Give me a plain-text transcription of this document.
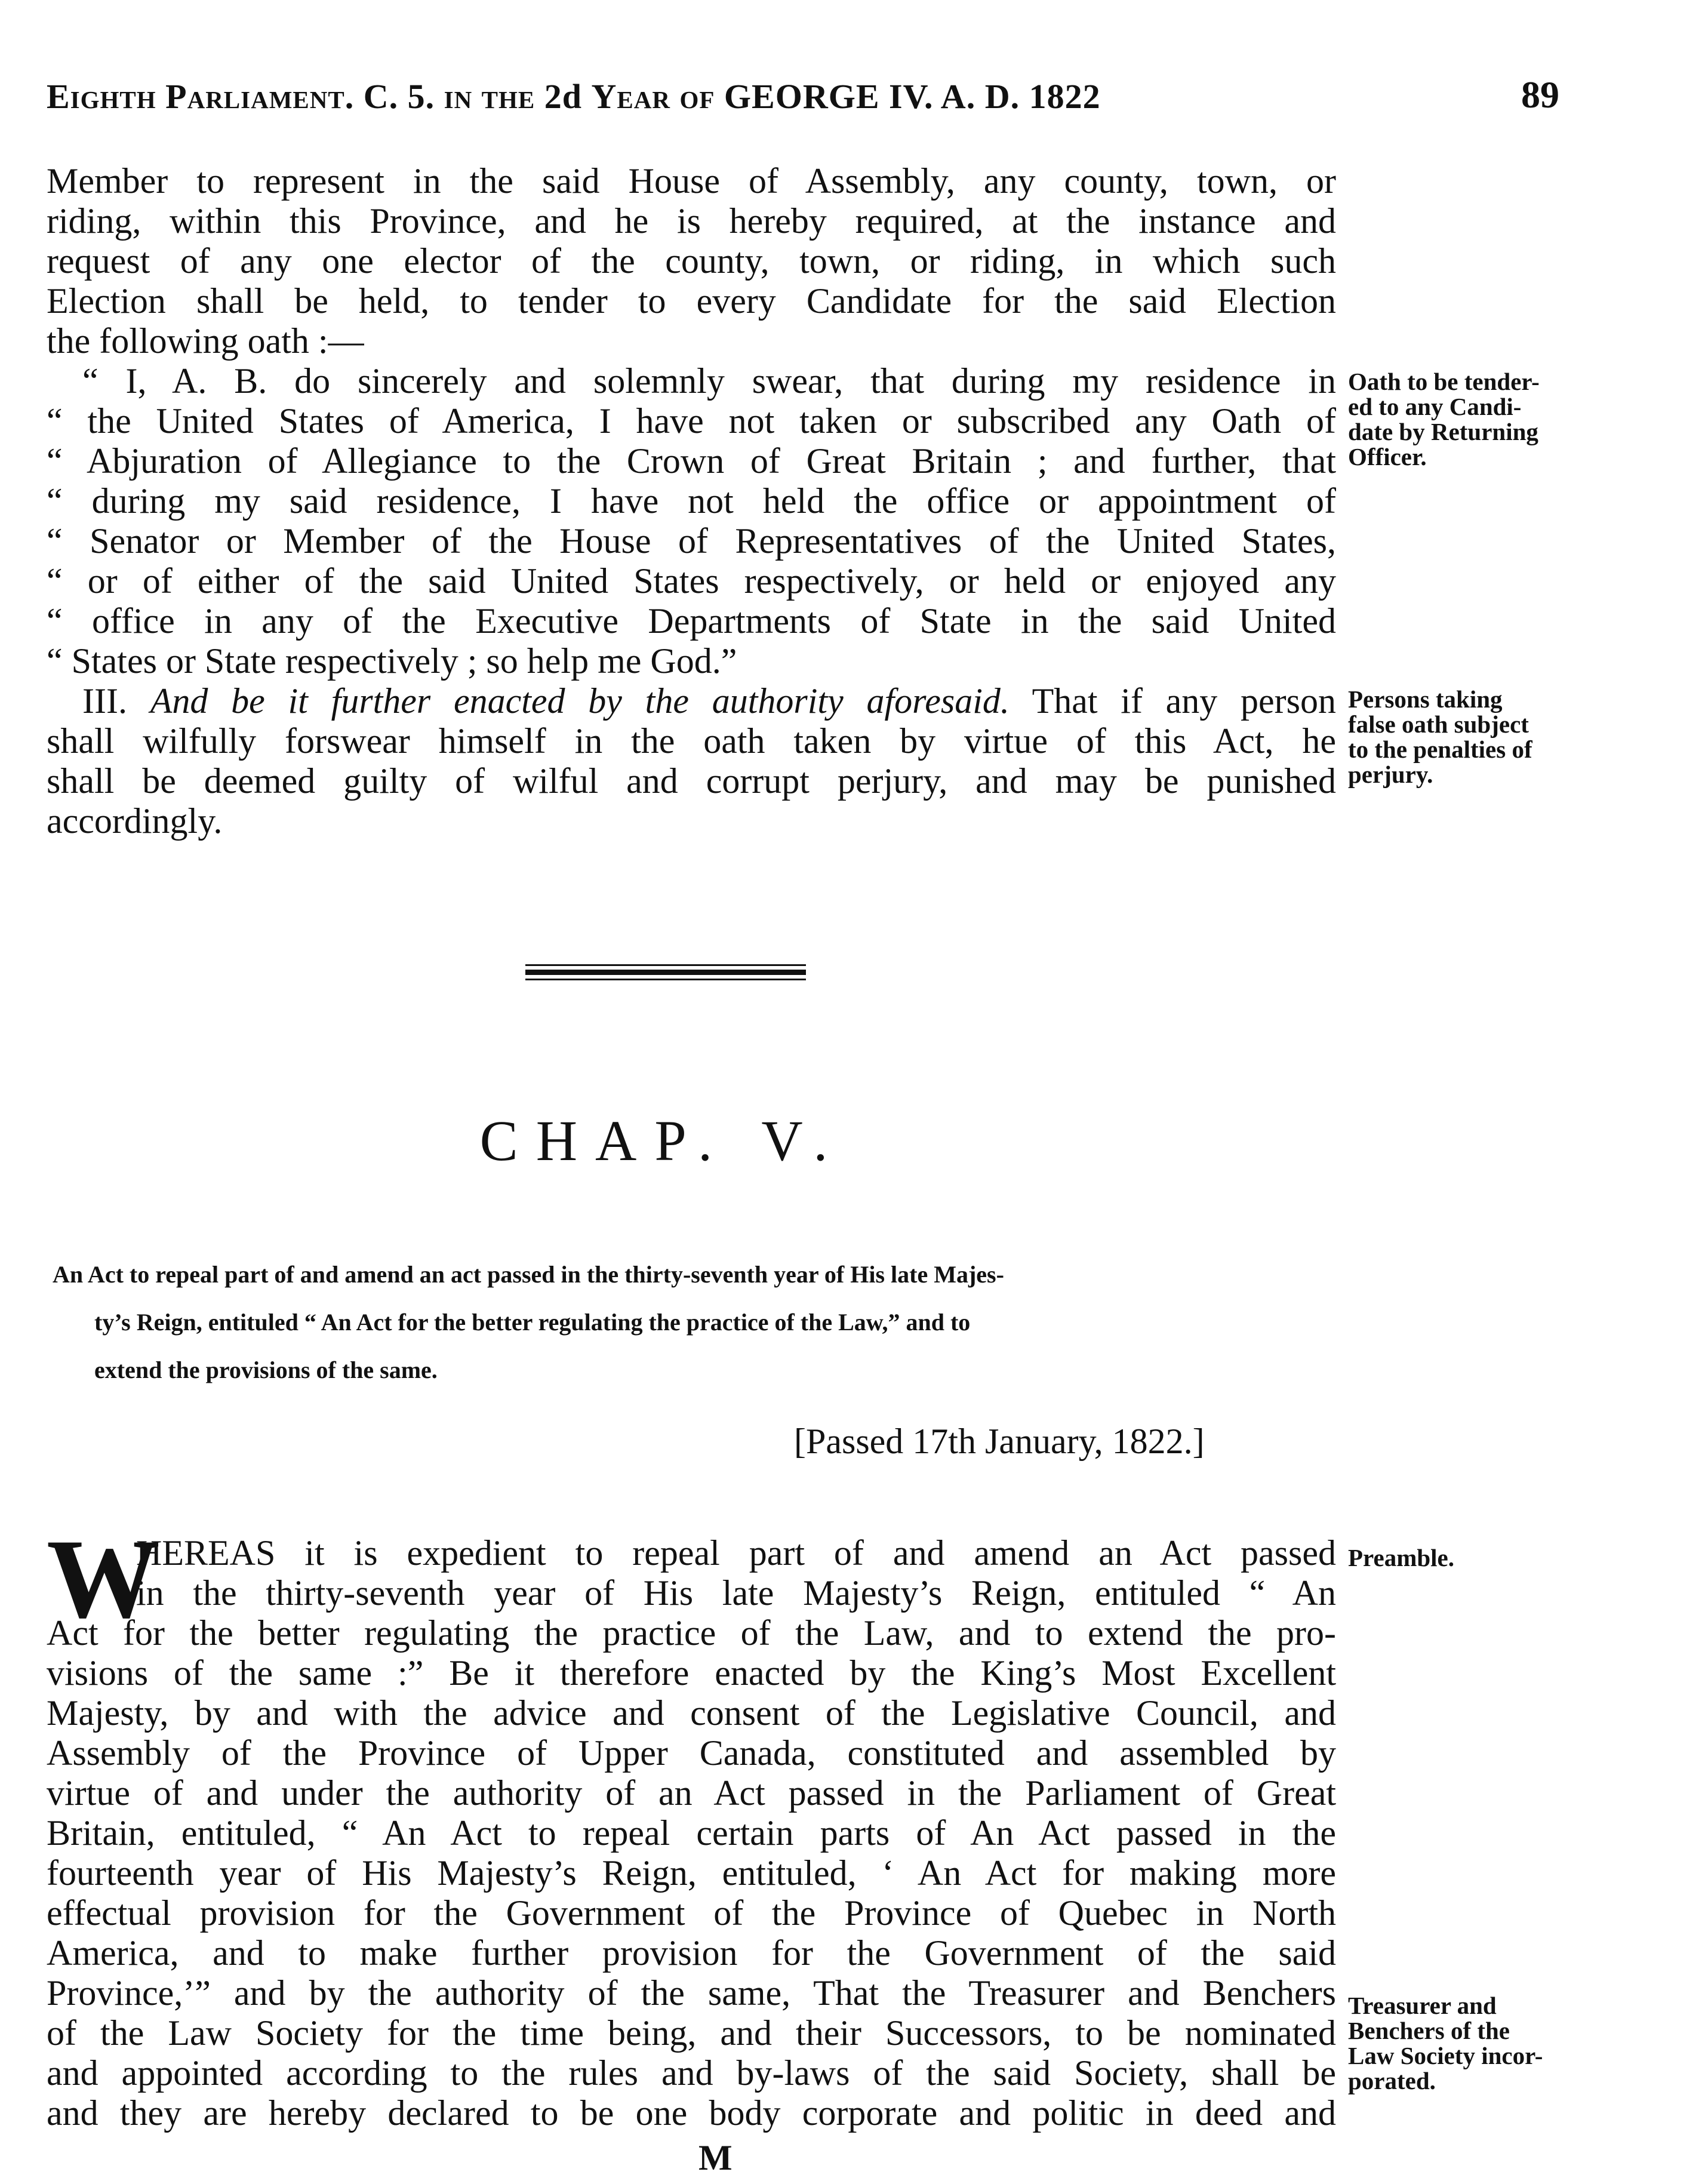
Eighth Parliament. C. 5. in the 2d Year of GEORGE IV. A. D. 1822	89
Member to represent in the said House of Assembly, any county, town, or
riding, within this Province, and he is hereby required, at the instance and
request of any one elector of the county, town, or riding, in which such
Election shall be held, to tender to every Candidate for the said Election
the following oath :—
“ I, A. B. do sincerely and solemnly swear, that during my residence in
“ the United States of America, I have not taken or subscribed any Oath of
“ Abjuration of Allegiance to the Crown of Great Britain ; and further, that
“ during my said residence, I have not held the office or appointment of
“ Senator or Member of the House of Representatives of the United States,
“ or of either of the said United States respectively, or held or enjoyed any
“ office in any of the Executive Departments of State in the said United
“ States or State respectively ; so help me God.”
Oath to be tender-
ed to any Candi-
date by Returning
Officer.
III. And be it further enacted by the authority aforesaid. That if any person
shall wilfully forswear himself in the oath taken by virtue of this Act, he
shall be deemed guilty of wilful and corrupt perjury, and may be punished
accordingly.
Persons taking
false oath subject
to the penalties of
perjury.
CHAP. V.
An Act to repeal part of and amend an act passed in the thirty-seventh year of His late Majes-
ty’s Reign, entituled “ An Act for the better regulating the practice of the Law,” and to
extend the provisions of the same.
[Passed 17th January, 1822.]
W
HEREAS it is expedient to repeal part of and amend an Act passed
in the thirty-seventh year of His late Majesty’s Reign, entituled “ An
Act for the better regulating the practice of the Law, and to extend the pro-
visions of the same :” Be it therefore enacted by the King’s Most Excellent
Majesty, by and with the advice and consent of the Legislative Council, and
Assembly of the Province of Upper Canada, constituted and assembled by
virtue of and under the authority of an Act passed in the Parliament of Great
Britain, entituled, “ An Act to repeal certain parts of An Act passed in the
fourteenth year of His Majesty’s Reign, entituled, ‘ An Act for making more
effectual provision for the Government of the Province of Quebec in North
America, and to make further provision for the Government of the said
Province,’” and by the authority of the same, That the Treasurer and Benchers
of the Law Society for the time being, and their Successors, to be nominated
and appointed according to the rules and by-laws of the said Society, shall be
and they are hereby declared to be one body corporate and politic in deed and
Preamble.
Treasurer and
Benchers of the
Law Society incor-
porated.
M
